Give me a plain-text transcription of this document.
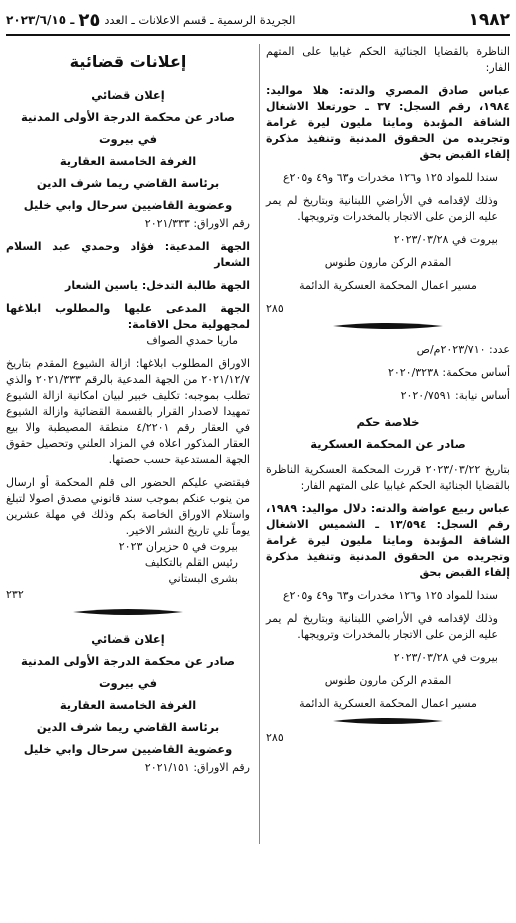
١٩٨٢
الجريدة الرسمية ـ قسم الاعلانات ـ العدد
٢٥
ـ ٢٠٢٣/٦/١٥

الناظرة بالقضايا الجنائية الحكم غيابيا على المتهم الفار:

عباس صادق المصري والدته: هلا مواليد: ١٩٨٤، رقم السجل: ٣٧ ـ حورتعلا الاشغال الشاقة المؤبدة ومايتا مليون ليرة غرامة وتجريده من الحقوق المدنية وتنفيذ مذكرة إلقاء القبض بحق

سندا للمواد ١٢٥ و١٢٦ مخدرات و٦٣ و٤٩ و٢٠٥ع

وذلك لإقدامه في الأراضي اللبنانية وبتاريخ لم يمر عليه الزمن على الاتجار بالمخدرات وترويجها.

بيروت في ٢٠٢٣/٠٣/٢٨

المقدم الركن مارون طنوس

مسير اعمال المحكمة العسكرية الدائمة

٢٨٥

عدد: ٢٠٢٣/٧١٠م/ص

أساس محكمة: ٢٠٢٠/٣٢٣٨

أساس نيابة: ٢٠٢٠/٧٥٩١

خلاصة حكم

صادر عن المحكمة العسكرية

بتاريخ ٢٠٢٣/٠٣/٢٢ قررت المحكمة العسكرية الناظرة بالقضايا الجنائية الحكم غيابيا على المتهم الفار:

عباس ربيع عواضة والدته: دلال مواليد: ١٩٨٩، رقم السجل: ١٣/٥٩٤ ـ الشميس الاشغال الشاقة المؤبدة ومايتا مليون ليرة غرامة وتجريده من الحقوق المدنية وتنفيذ مذكرة إلقاء القبض بحق

سندا للمواد ١٢٥ و١٢٦ مخدرات و٦٣ و٤٩ و٢٠٥ع

وذلك لإقدامه في الأراضي اللبنانية وبتاريخ لم يمر عليه الزمن على الاتجار بالمخدرات وترويجها.

بيروت في ٢٠٢٣/٠٣/٢٨

المقدم الركن مارون طنوس

مسير اعمال المحكمة العسكرية الدائمة

٢٨٥

إعلانات قضائية

إعلان قضائي

صادر عن محكمة الدرجة الأولى المدنية

في بيروت

الغرفة الخامسة العقارية

برئاسة القاضي ريما شرف الدين

وعضوية القاضيين سرحال وابي خليل

رقم الاوراق: ٢٠٢١/٣٣٣

الجهة المدعية: فؤاد وحمدي عبد السلام الشعار

الجهة طالبة التدخل: ياسين الشعار

الجهة المدعى عليها والمطلوب ابلاغها لمجهولية محل الاقامة:

ماريا حمدي الصواف

الاوراق المطلوب ابلاغها: ازالة الشيوع المقدم بتاريخ ٢٠٢١/١٢/٧ من الجهة المدعية بالرقم ٢٠٢١/٣٣٣ والذي تطلب بموجبه: تكليف خبير لبيان امكانية ازالة الشيوع تمهيدا لاصدار القرار بالقسمة القضائية وازالة الشيوع في العقار رقم ٤/٢٢٠١ منطقة المصيطبة والا بيع العقار المذكور اعلاه في المزاد العلني وتحصيل حقوق الجهة المستدعية حسب حصتها.

فيقتضي عليكم الحضور الى قلم المحكمة أو ارسال من ينوب عنكم بموجب سند قانوني مصدق اصولا لتبلغ واستلام الاوراق الخاصة بكم وذلك في مهلة عشرين يوماً تلي تاريخ النشر الاخير.

بيروت في ٥ حزيران ٢٠٢٣

رئيس القلم بالتكليف

بشرى البستاني

٢٣٢

إعلان قضائي

صادر عن محكمة الدرجة الأولى المدنية

في بيروت

الغرفة الخامسة العقارية

برئاسة القاضي ريما شرف الدين

وعضوية القاضيين سرحال وابي خليل

رقم الاوراق: ٢٠٢١/١٥١
